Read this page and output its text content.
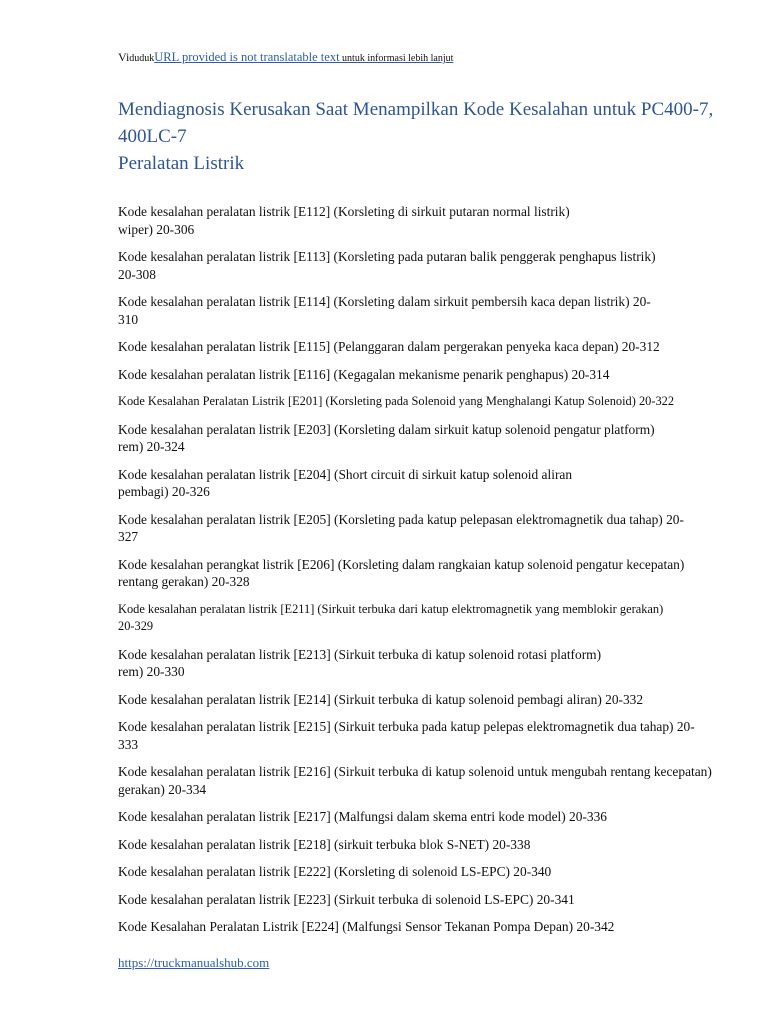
VidudukURL provided is not translatable text untuk informasi lebih lanjut
Mendiagnosis Kerusakan Saat Menampilkan Kode Kesalahan untuk PC400-7, 400LC-7
Peralatan Listrik
Kode kesalahan peralatan listrik [E112] (Korsleting di sirkuit putaran normal listrik)
wiper) 20-306
Kode kesalahan peralatan listrik [E113] (Korsleting pada putaran balik penggerak penghapus listrik)
20-308
Kode kesalahan peralatan listrik [E114] (Korsleting dalam sirkuit pembersih kaca depan listrik) 20-
310
Kode kesalahan peralatan listrik [E115] (Pelanggaran dalam pergerakan penyeka kaca depan) 20-312
Kode kesalahan peralatan listrik [E116] (Kegagalan mekanisme penarik penghapus) 20-314
Kode Kesalahan Peralatan Listrik [E201] (Korsleting pada Solenoid yang Menghalangi Katup Solenoid) 20-322
Kode kesalahan peralatan listrik [E203] (Korsleting dalam sirkuit katup solenoid pengatur platform)
rem) 20-324
Kode kesalahan peralatan listrik [E204] (Short circuit di sirkuit katup solenoid aliran
pembagi) 20-326
Kode kesalahan peralatan listrik [E205] (Korsleting pada katup pelepasan elektromagnetik dua tahap) 20-
327
Kode kesalahan perangkat listrik [E206] (Korsleting dalam rangkaian katup solenoid pengatur kecepatan)
rentang gerakan) 20-328
Kode kesalahan peralatan listrik [E211] (Sirkuit terbuka dari katup elektromagnetik yang memblokir gerakan)
20-329
Kode kesalahan peralatan listrik [E213] (Sirkuit terbuka di katup solenoid rotasi platform)
rem) 20-330
Kode kesalahan peralatan listrik [E214] (Sirkuit terbuka di katup solenoid pembagi aliran) 20-332
Kode kesalahan peralatan listrik [E215] (Sirkuit terbuka pada katup pelepas elektromagnetik dua tahap) 20-
333
Kode kesalahan peralatan listrik [E216] (Sirkuit terbuka di katup solenoid untuk mengubah rentang kecepatan)
gerakan) 20-334
Kode kesalahan peralatan listrik [E217] (Malfungsi dalam skema entri kode model) 20-336
Kode kesalahan peralatan listrik [E218] (sirkuit terbuka blok S-NET) 20-338
Kode kesalahan peralatan listrik [E222] (Korsleting di solenoid LS-EPC) 20-340
Kode kesalahan peralatan listrik [E223] (Sirkuit terbuka di solenoid LS-EPC) 20-341
Kode Kesalahan Peralatan Listrik [E224] (Malfungsi Sensor Tekanan Pompa Depan) 20-342
https://truckmanualshub.com
